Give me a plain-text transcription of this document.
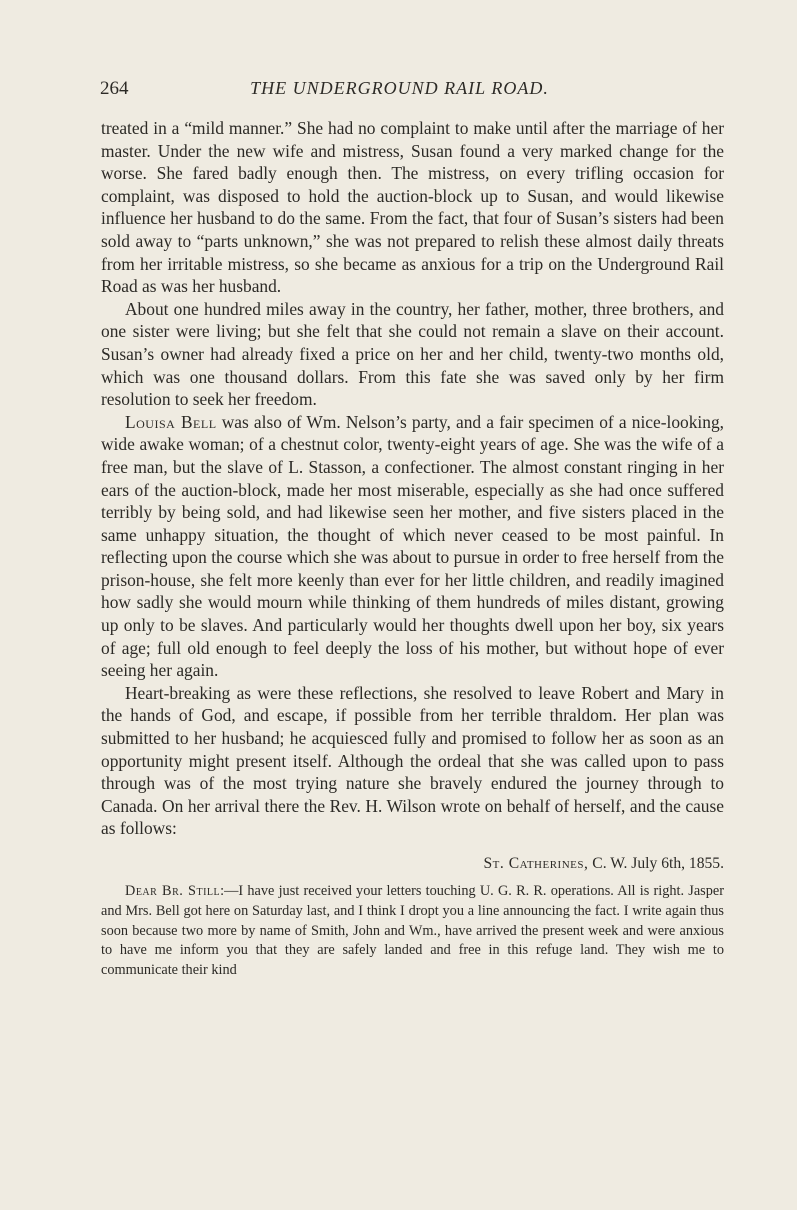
264	THE UNDERGROUND RAIL ROAD.

treated in a “mild manner.” She had no complaint to make until after the marriage of her master. Under the new wife and mistress, Susan found a very marked change for the worse. She fared badly enough then. The mistress, on every trifling occasion for complaint, was disposed to hold the auction-block up to Susan, and would likewise influence her husband to do the same. From the fact, that four of Susan’s sisters had been sold away to “parts unknown,” she was not prepared to relish these almost daily threats from her irritable mistress, so she became as anxious for a trip on the Underground Rail Road as was her husband.

About one hundred miles away in the country, her father, mother, three brothers, and one sister were living; but she felt that she could not remain a slave on their account. Susan’s owner had already fixed a price on her and her child, twenty-two months old, which was one thousand dollars. From this fate she was saved only by her firm resolution to seek her freedom.

Louisa Bell was also of Wm. Nelson’s party, and a fair specimen of a nice-looking, wide awake woman; of a chestnut color, twenty-eight years of age. She was the wife of a free man, but the slave of L. Stasson, a confectioner. The almost constant ringing in her ears of the auction-block, made her most miserable, especially as she had once suffered terribly by being sold, and had likewise seen her mother, and five sisters placed in the same unhappy situation, the thought of which never ceased to be most painful. In reflecting upon the course which she was about to pursue in order to free herself from the prison-house, she felt more keenly than ever for her little children, and readily imagined how sadly she would mourn while thinking of them hundreds of miles distant, growing up only to be slaves. And particularly would her thoughts dwell upon her boy, six years of age; full old enough to feel deeply the loss of his mother, but without hope of ever seeing her again.

Heart-breaking as were these reflections, she resolved to leave Robert and Mary in the hands of God, and escape, if possible from her terrible thraldom. Her plan was submitted to her husband; he acquiesced fully and promised to follow her as soon as an opportunity might present itself. Although the ordeal that she was called upon to pass through was of the most trying nature she bravely endured the journey through to Canada. On her arrival there the Rev. H. Wilson wrote on behalf of herself, and the cause as follows:

St. Catherines, C. W. July 6th, 1855.
Dear Br. Still:—I have just received your letters touching U. G. R. R. operations. All is right. Jasper and Mrs. Bell got here on Saturday last, and I think I dropt you a line announcing the fact. I write again thus soon because two more by name of Smith, John and Wm., have arrived the present week and were anxious to have me inform you that they are safely landed and free in this refuge land. They wish me to communicate their kind
